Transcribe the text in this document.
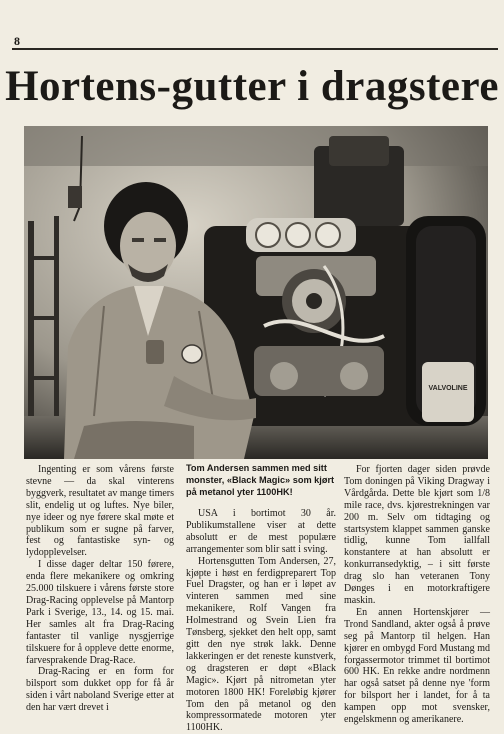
8
Hortens-gutter i dragstere
VALVOLINE
Tom Andersen sammen med sitt monster, «Black Magic» som kjørt på metanol yter 1100HK!

Ingenting er som vårens første stevne — da skal vinterens byggverk, resultatet av mange timers slit, endelig ut og luftes. Nye biler, nye ideer og nye førere skal møte et publikum som er sugne på farver, fest og fantastiske syn- og lydopplevelser.

I disse dager deltar 150 førere, enda flere mekanikere og omkring 25.000 tilskuere i vårens første store Drag-Racing opplevelse på Mantorp Park i Sverige, 13., 14. og 15. mai. Her samles alt fra Drag-Racing fantaster til vanlige nysgjerrige tilskuere for å oppleve dette enorme, farvesprakende Drag-Race.

Drag-Racing er en form for bilsport som dukket opp for få år siden i vårt naboland Sverige etter at den har vært drevet i

USA i bortimot 30 år. Publikumstallene viser at dette absolutt er de mest populære arrangementer som blir satt i sving.

Hortensgutten Tom Andersen, 27, kjøpte i høst en ferdigpreparert Top Fuel Dragster, og han er i løpet av vinteren sammen med sine mekanikere, Rolf Vangen fra Holmestrand og Svein Lien fra Tønsberg, sjekket den helt opp, samt gitt den nye strøk lakk. Denne lakkeringen er det reneste kunstverk, og dragsteren er døpt «Black Magic». Kjørt på nitrometan yter motoren 1800 HK! Foreløbig kjører Tom den på metanol og den kompressormatede motoren yter 1100HK.

For fjorten dager siden prøvde Tom doningen på Viking Dragway i Vårdgårda. Dette ble kjørt som 1/8 mile race, dvs. kjørestrekningen var 200 m. Selv om tidtaging og startsystem klappet sammen ganske tidlig, kunne Tom iallfall konstantere at han absolutt er konkurransedyktig, – i sitt første drag slo han veteranen Tony Dønges i en motorkraftigere maskin.

En annen Hortenskjører — Trond Sandland, akter også å prøve seg på Mantorp til helgen. Han kjører en ombygd Ford Mustang md forgassermotor trimmet til bortimot 600 HK. En rekke andre nordmenn har også satset på denne nye 'form for bilsport her i landet, for å ta kampen opp mot svensker, engelskmenn og amerikanere.
